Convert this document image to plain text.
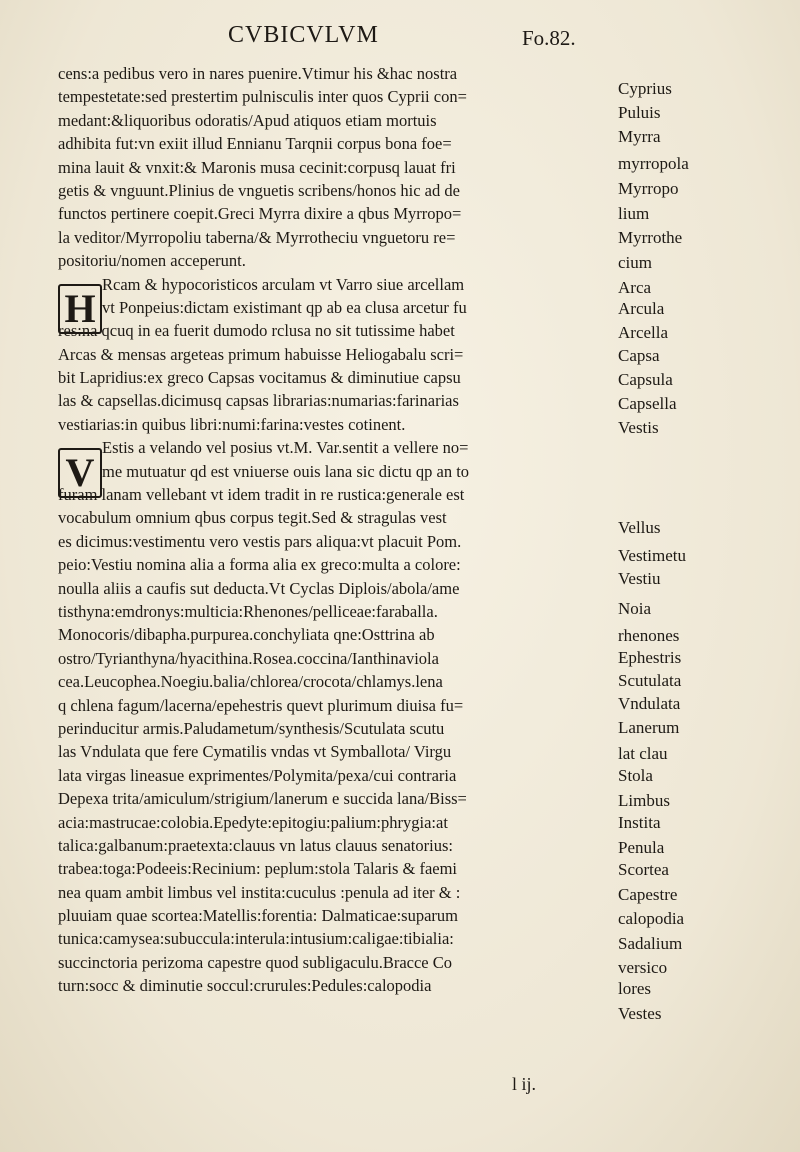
CVBICVLVM	Fo.82.
H
V
cens:a pedibus vero in nares puenire.Vtimur his &hac nostra
tempestetate:sed prestertim pulnisculis inter quos Cyprii con=
medant:&liquoribus odoratis/Apud atiquos etiam mortuis
adhibita fut:vn exiit illud Ennianu Tarqnii corpus bona foe=
mina lauit & vnxit:& Maronis musa cecinit:corpusq lauat fri
getis & vnguunt.Plinius de vnguetis scribens/honos hic ad de
functos pertinere coepit.Greci Myrra dixire a qbus Myrropo=
la veditor/Myrropoliu taberna/& Myrrotheciu vnguetoru re=
positoriu/nomen acceperunt.
Rcam & hypocoristicos arculam vt Varro siue arcellam
vt Ponpeius:dictam existimant qp ab ea clusa arcetur fu
res:na qcuq in ea fuerit dumodo rclusa no sit tutissime habet
Arcas & mensas argeteas primum habuisse Heliogabalu scri=
bit Lapridius:ex greco Capsas vocitamus & diminutiue capsu
las & capsellas.dicimusq capsas librarias:numarias:farinarias
vestiarias:in quibus libri:numi:farina:vestes cotinent.
Estis a velando vel posius vt.M. Var.sentit a vellere no=
me mutuatur qd est vniuerse ouis lana sic dictu qp an to
furam lanam vellebant vt idem tradit in re rustica:generale est
vocabulum omnium qbus corpus tegit.Sed & stragulas vest
es dicimus:vestimentu vero vestis pars aliqua:vt placuit Pom.
peio:Vestiu nomina alia a forma alia ex greco:multa a colore:
noulla aliis a caufis sut deducta.Vt Cyclas Diplois/abola/ame
tisthyna:emdronys:multicia:Rhenones/pelliceae:faraballa.
Monocoris/dibapha.purpurea.conchyliata qne:Osttrina ab
ostro/Tyrianthyna/hyacithina.Rosea.coccina/Ianthinaviola
cea.Leucophea.Noegiu.balia/chlorea/crocota/chlamys.lena
q chlena fagum/lacerna/epehestris quevt plurimum diuisa fu=
perinducitur armis.Paludametum/synthesis/Scutulata scutu
las Vndulata que fere Cymatilis vndas vt Symballota/ Virgu
lata virgas lineasue exprimentes/Polymita/pexa/cui contraria
Depexa trita/amiculum/strigium/lanerum e succida lana/Biss=
acia:mastrucae:colobia.Epedyte:epitogiu:palium:phrygia:at
talica:galbanum:praetexta:clauus vn latus clauus senatorius:
trabea:toga:Podeeis:Recinium: peplum:stola Talaris & faemi
nea quam ambit limbus vel instita:cuculus :penula ad iter & :
pluuiam quae scortea:Matellis:forentia: Dalmaticae:suparum
tunica:camysea:subuccula:interula:intusium:caligae:tibialia:
succinctoria perizoma capestre quod subligaculu.Bracce Co
turn:socc & diminutie soccul:crurules:Pedules:calopodia
Cyprius
Puluis
Myrra
myrropola
Myrropo
lium
Myrrothe
cium
Arca
Arcula
Arcella
Capsa
Capsula
Capsella
Vestis
Vellus
Vestimetu
Vestiu
Noia
rhenones
Ephestris
Scutulata
Vndulata
Lanerum
lat clau
Stola
Limbus
Instita
Penula
Scortea
Capestre
calopodia
Sadalium
versico
lores
Vestes
l ij.
